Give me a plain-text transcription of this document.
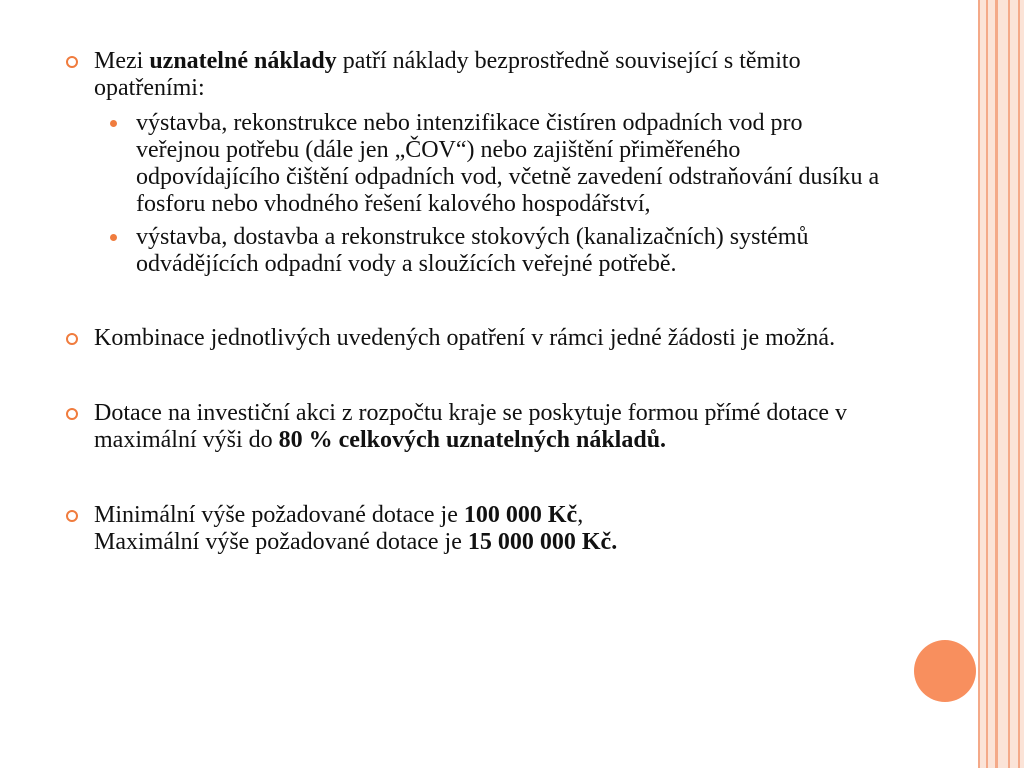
Mezi uznatelné náklady patří náklady bezprostředně související s těmito opatřeními:

výstavba, rekonstrukce nebo intenzifikace čistíren odpadních vod pro veřejnou potřebu (dále jen „ČOV“) nebo zajištění přiměřeného odpovídajícího čištění odpadních vod, včetně zavedení odstraňování dusíku a fosforu nebo vhodného řešení kalového hospodářství,

výstavba, dostavba a rekonstrukce stokových (kanalizačních) systémů odvádějících odpadní vody a sloužících veřejné potřebě.

Kombinace jednotlivých uvedených opatření v rámci jedné žádosti je možná.

Dotace na investiční akci z rozpočtu kraje se poskytuje formou přímé dotace v maximální výši do 80 % celkových uznatelných nákladů.

Minimální výše požadované dotace je 100 000 Kč,
Maximální výše požadované dotace je 15 000 000 Kč.
